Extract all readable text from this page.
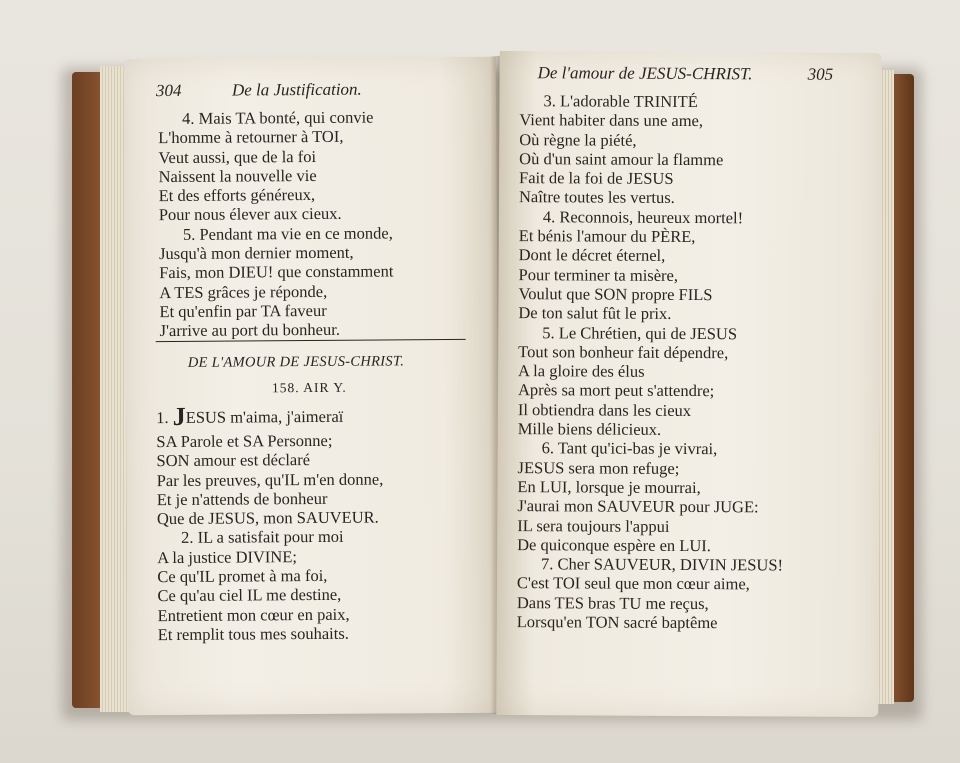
304	De la Justification.
4. Mais TA bonté, qui convie
L'homme à retourner à TOI,
Veut aussi, que de la foi
Naissent la nouvelle vie
Et des efforts généreux,
Pour nous élever aux cieux.
5. Pendant ma vie en ce monde,
Jusqu'à mon dernier moment,
Fais, mon DIEU! que constamment
A TES grâces je réponde,
Et qu'enfin par TA faveur
J'arrive au port du bonheur.
DE L'AMOUR DE JESUS-CHRIST.
158. AIR Y.
1. JESUS m'aima, j'aimeraï
SA Parole et SA Personne;
SON amour est déclaré
Par les preuves, qu'IL m'en donne,
Et je n'attends de bonheur
Que de JESUS, mon SAUVEUR.
2. IL a satisfait pour moi
A la justice DIVINE;
Ce qu'IL promet à ma foi,
Ce qu'au ciel IL me destine,
Entretient mon cœur en paix,
Et remplit tous mes souhaits.
De l'amour de JESUS-CHRIST.	305
3. L'adorable TRINITÉ
Vient habiter dans une ame,
Où règne la piété,
Où d'un saint amour la flamme
Fait de la foi de JESUS
Naître toutes les vertus.
4. Reconnois, heureux mortel!
Et bénis l'amour du PÈRE,
Dont le décret éternel,
Pour terminer ta misère,
Voulut que SON propre FILS
De ton salut fût le prix.
5. Le Chrétien, qui de JESUS
Tout son bonheur fait dépendre,
A la gloire des élus
Après sa mort peut s'attendre;
Il obtiendra dans les cieux
Mille biens délicieux.
6. Tant qu'ici-bas je vivrai,
JESUS sera mon refuge;
En LUI, lorsque je mourrai,
J'aurai mon SAUVEUR pour JUGE:
IL sera toujours l'appui
De quiconque espère en LUI.
7. Cher SAUVEUR, DIVIN JESUS!
C'est TOI seul que mon cœur aime,
Dans TES bras TU me reçus,
Lorsqu'en TON sacré baptême
